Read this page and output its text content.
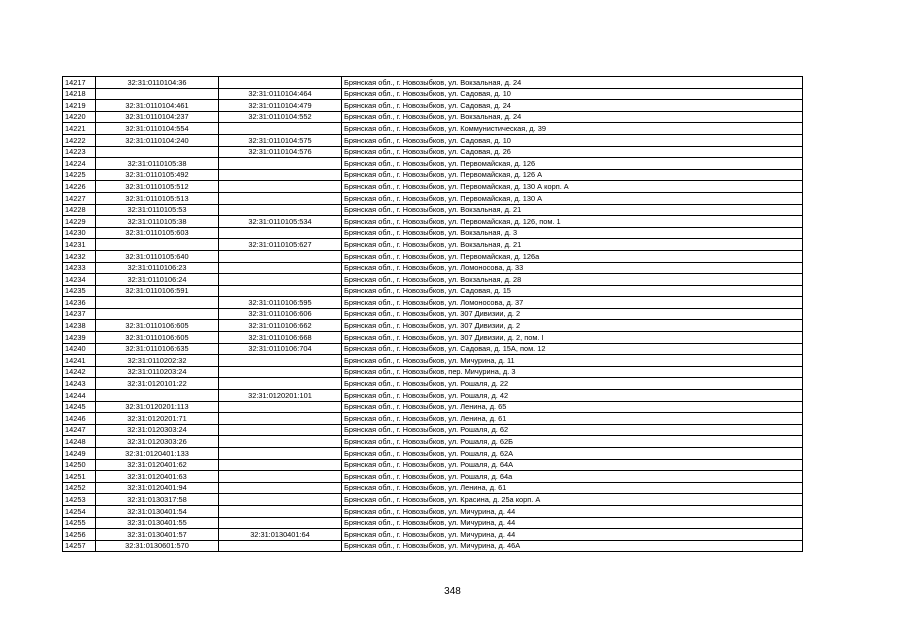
14217	32:31:0110104:36		Брянская обл., г. Новозыбков, ул. Вокзальная, д. 24
14218		32:31:0110104:464	Брянская обл., г. Новозыбков, ул. Садовая, д. 10
14219	32:31:0110104:461	32:31:0110104:479	Брянская обл., г. Новозыбков, ул. Садовая, д. 24
14220	32:31:0110104:237	32:31:0110104:552	Брянская обл., г. Новозыбков, ул. Вокзальная, д. 24
14221	32:31:0110104:554		Брянская обл., г. Новозыбков, ул. Коммунистическая, д. 39
14222	32:31:0110104:240	32:31:0110104:575	Брянская обл., г. Новозыбков, ул. Садовая, д. 10
14223		32:31:0110104:576	Брянская обл., г. Новозыбков, ул. Садовая, д. 26
14224	32:31:0110105:38		Брянская обл., г. Новозыбков, ул. Первомайская, д. 126
14225	32:31:0110105:492		Брянская обл., г. Новозыбков, ул. Первомайская, д. 126 А
14226	32:31:0110105:512		Брянская обл., г. Новозыбков, ул. Первомайская, д. 130 А корп. А
14227	32:31:0110105:513		Брянская обл., г. Новозыбков, ул. Первомайская, д. 130 А
14228	32:31:0110105:53		Брянская обл., г. Новозыбков, ул. Вокзальная, д. 21
14229	32:31:0110105:38	32:31:0110105:534	Брянская обл., г. Новозыбков, ул. Первомайская, д. 126, пом. 1
14230	32:31:0110105:603		Брянская обл., г. Новозыбков, ул. Вокзальная, д. 3
14231		32:31:0110105:627	Брянская обл., г. Новозыбков, ул. Вокзальная, д. 21
14232	32:31:0110105:640		Брянская обл., г. Новозыбков, ул. Первомайская, д. 126а
14233	32:31:0110106:23		Брянская обл., г. Новозыбков, ул. Ломоносова, д. 33
14234	32:31:0110106:24		Брянская обл., г. Новозыбков, ул. Вокзальная, д. 28
14235	32:31:0110106:591		Брянская обл., г. Новозыбков, ул. Садовая, д. 15
14236		32:31:0110106:595	Брянская обл., г. Новозыбков, ул. Ломоносова, д. 37
14237		32:31:0110106:606	Брянская обл., г. Новозыбков, ул. 307 Дивизии, д. 2
14238	32:31:0110106:605	32:31:0110106:662	Брянская обл., г. Новозыбков, ул. 307 Дивизии, д. 2
14239	32:31:0110106:605	32:31:0110106:668	Брянская обл., г. Новозыбков, ул. 307 Дивизии, д. 2, пом. I
14240	32:31:0110106:635	32:31:0110106:704	Брянская обл., г. Новозыбков, ул. Садовая, д. 15А, пом. 12
14241	32:31:0110202:32		Брянская обл., г. Новозыбков, ул. Мичурина, д. 11
14242	32:31:0110203:24		Брянская обл., г. Новозыбков, пер. Мичурина, д. 3
14243	32:31:0120101:22		Брянская обл., г. Новозыбков, ул. Рошаля, д. 22
14244		32:31:0120201:101	Брянская обл., г. Новозыбков, ул. Рошаля, д. 42
14245	32:31:0120201:113		Брянская обл., г. Новозыбков, ул. Ленина, д. 65
14246	32:31:0120201:71		Брянская обл., г. Новозыбков, ул. Ленина, д. 61
14247	32:31:0120303:24		Брянская обл., г. Новозыбков, ул. Рошаля, д. 62
14248	32:31:0120303:26		Брянская обл., г. Новозыбков, ул. Рошаля, д. 62Б
14249	32:31:0120401:133		Брянская обл., г. Новозыбков, ул. Рошаля, д. 62А
14250	32:31:0120401:62		Брянская обл., г. Новозыбков, ул. Рошаля, д. 64А
14251	32:31:0120401:63		Брянская обл., г. Новозыбков, ул. Рошаля, д. 64а
14252	32:31:0120401:94		Брянская обл., г. Новозыбков, ул. Ленина, д. 61
14253	32:31:0130317:58		Брянская обл., г. Новозыбков, ул. Красина, д. 25а корп. А
14254	32:31:0130401:54		Брянская обл., г. Новозыбков, ул. Мичурина, д. 44
14255	32:31:0130401:55		Брянская обл., г. Новозыбков, ул. Мичурина, д. 44
14256	32:31:0130401:57	32:31:0130401:64	Брянская обл., г. Новозыбков, ул. Мичурина, д. 44
14257	32:31:0130601:570		Брянская обл., г. Новозыбков, ул. Мичурина, д. 46А
348
